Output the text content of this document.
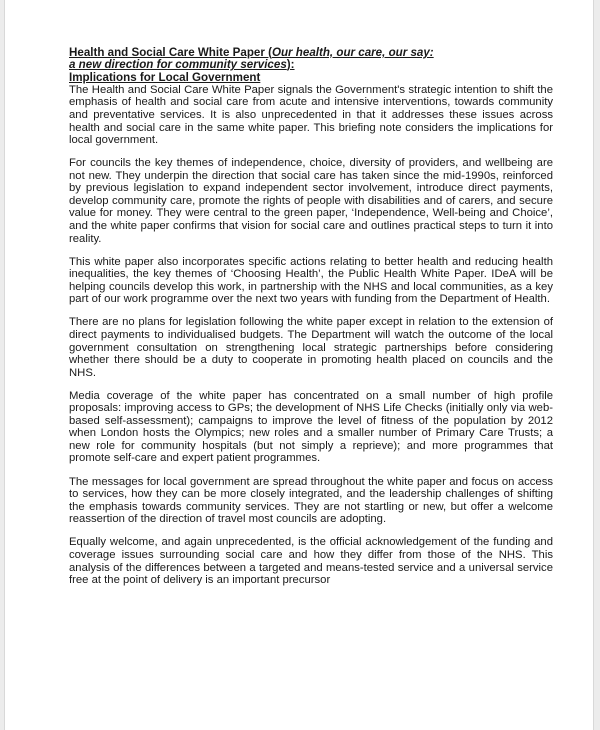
Health and Social Care White Paper (Our health, our care, our say:
a new direction for community services):

Implications for Local Government

The Health and Social Care White Paper signals the Government's strategic intention to shift the emphasis of health and social care from acute and intensive interventions, towards community and preventative services. It is also unprecedented in that it addresses these issues across health and social care in the same white paper. This briefing note considers the implications for local government.

For councils the key themes of independence, choice, diversity of providers, and wellbeing are not new. They underpin the direction that social care has taken since the mid-1990s, reinforced by previous legislation to expand independent sector involvement, introduce direct payments, develop community care, promote the rights of people with disabilities and of carers, and secure value for money. They were central to the green paper, ‘Independence, Well-being and Choice’, and the white paper confirms that vision for social care and outlines practical steps to turn it into reality.

This white paper also incorporates specific actions relating to better health and reducing health inequalities, the key themes of ‘Choosing Health’, the Public Health White Paper. IDeA will be helping councils develop this work, in partnership with the NHS and local communities, as a key part of our work programme over the next two years with funding from the Department of Health.

There are no plans for legislation following the white paper except in relation to the extension of direct payments to individualised budgets. The Department will watch the outcome of the local government consultation on strengthening local strategic partnerships before considering whether there should be a duty to cooperate in promoting health placed on councils and the NHS.

Media coverage of the white paper has concentrated on a small number of high profile proposals: improving access to GPs; the development of NHS Life Checks (initially only via web-based self-assessment); campaigns to improve the level of fitness of the population by 2012 when London hosts the Olympics; new roles and a smaller number of Primary Care Trusts; a new role for community hospitals (but not simply a reprieve); and more programmes that promote self-care and expert patient programmes.

The messages for local government are spread throughout the white paper and focus on access to services, how they can be more closely integrated, and the leadership challenges of shifting the emphasis towards community services. They are not startling or new, but offer a welcome reassertion of the direction of travel most councils are adopting.

Equally welcome, and again unprecedented, is the official acknowledgement of the funding and coverage issues surrounding social care and how they differ from those of the NHS. This analysis of the differences between a targeted and means-tested service and a universal service free at the point of delivery is an important precursor
